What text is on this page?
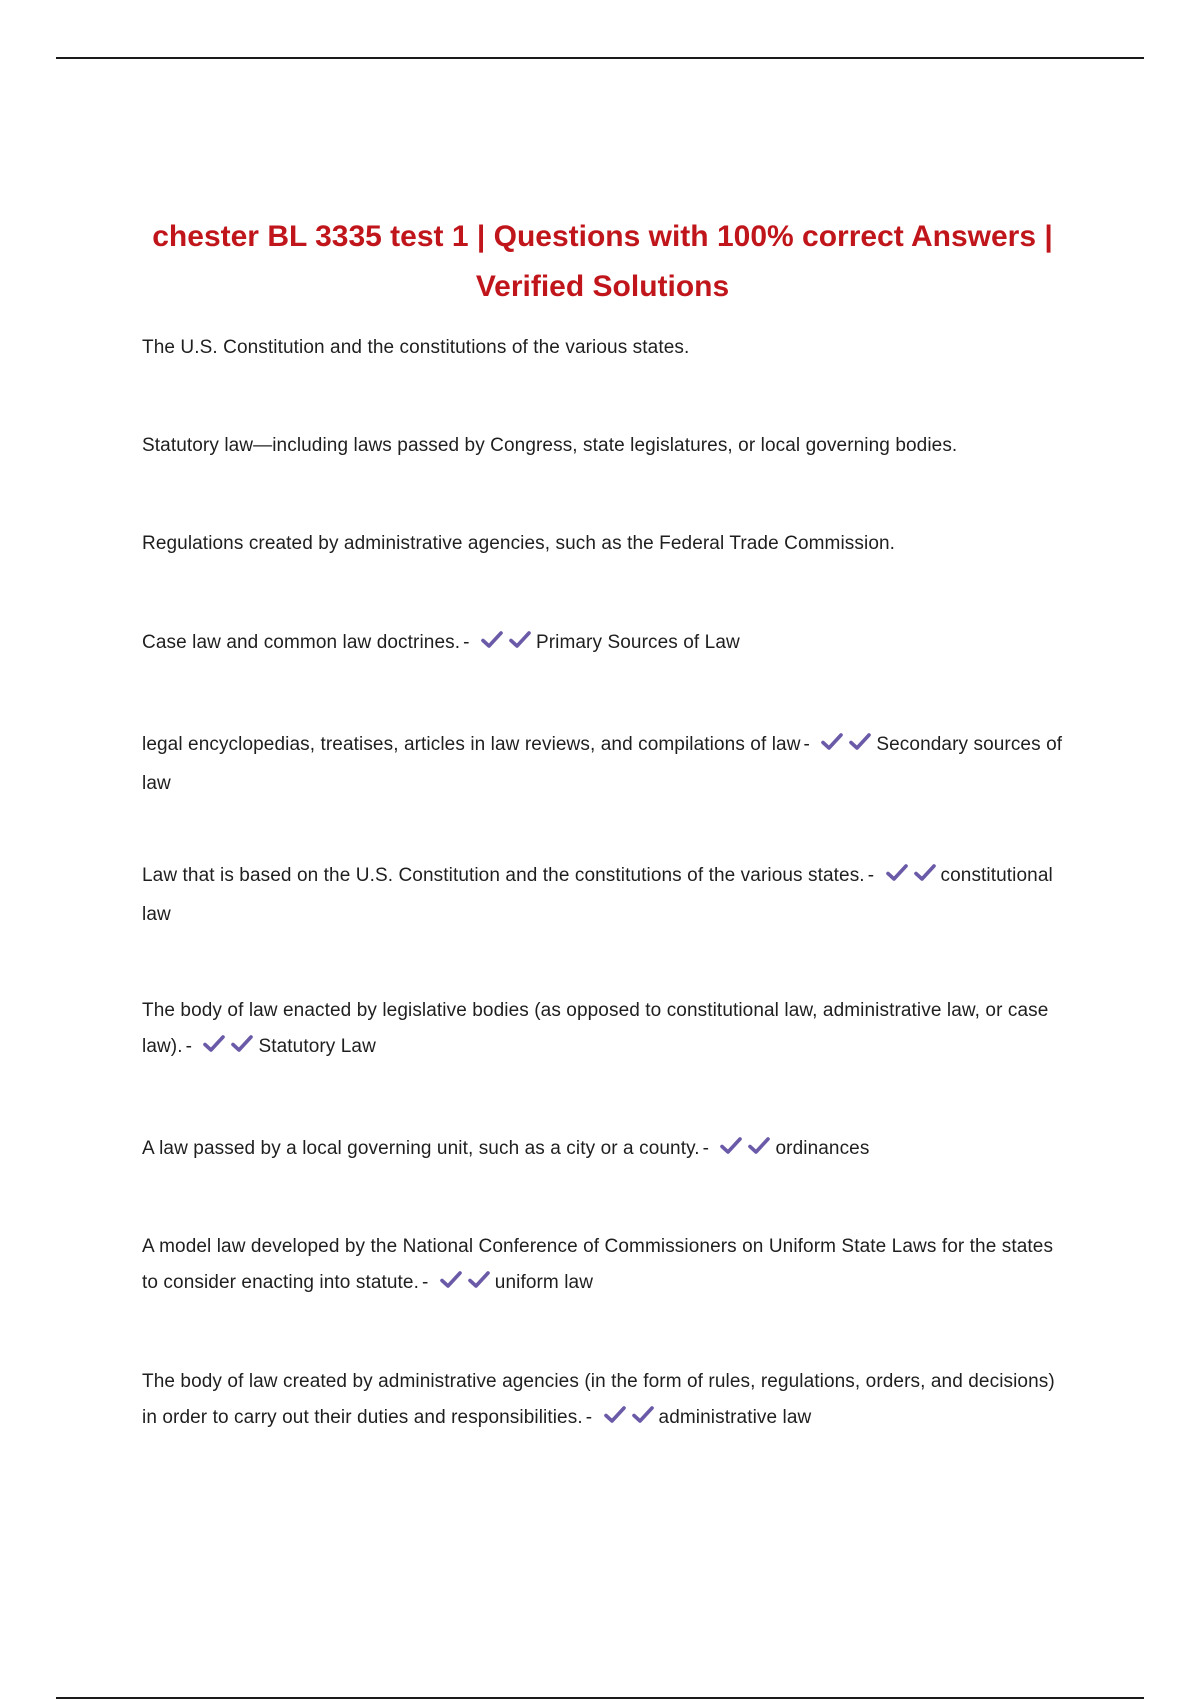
chester BL 3335 test 1 | Questions with 100% correct Answers | Verified Solutions

The U.S. Constitution and the constitutions of the various states.

Statutory law—including laws passed by Congress, state legislatures, or local governing bodies.

Regulations created by administrative agencies, such as the Federal Trade Commission.

Case law and common law doctrines. -	Primary Sources of Law

legal encyclopedias, treatises, articles in law reviews, and compilations of law -	Secondary sources of law

Law that is based on the U.S. Constitution and the constitutions of the various states. -	constitutional law

The body of law enacted by legislative bodies (as opposed to constitutional law, administrative law, or case law). -	Statutory Law

A law passed by a local governing unit, such as a city or a county. -	ordinances

A model law developed by the National Conference of Commissioners on Uniform State Laws for the states to consider enacting into statute. -	uniform law

The body of law created by administrative agencies (in the form of rules, regulations, orders, and decisions) in order to carry out their duties and responsibilities. -	administrative law
